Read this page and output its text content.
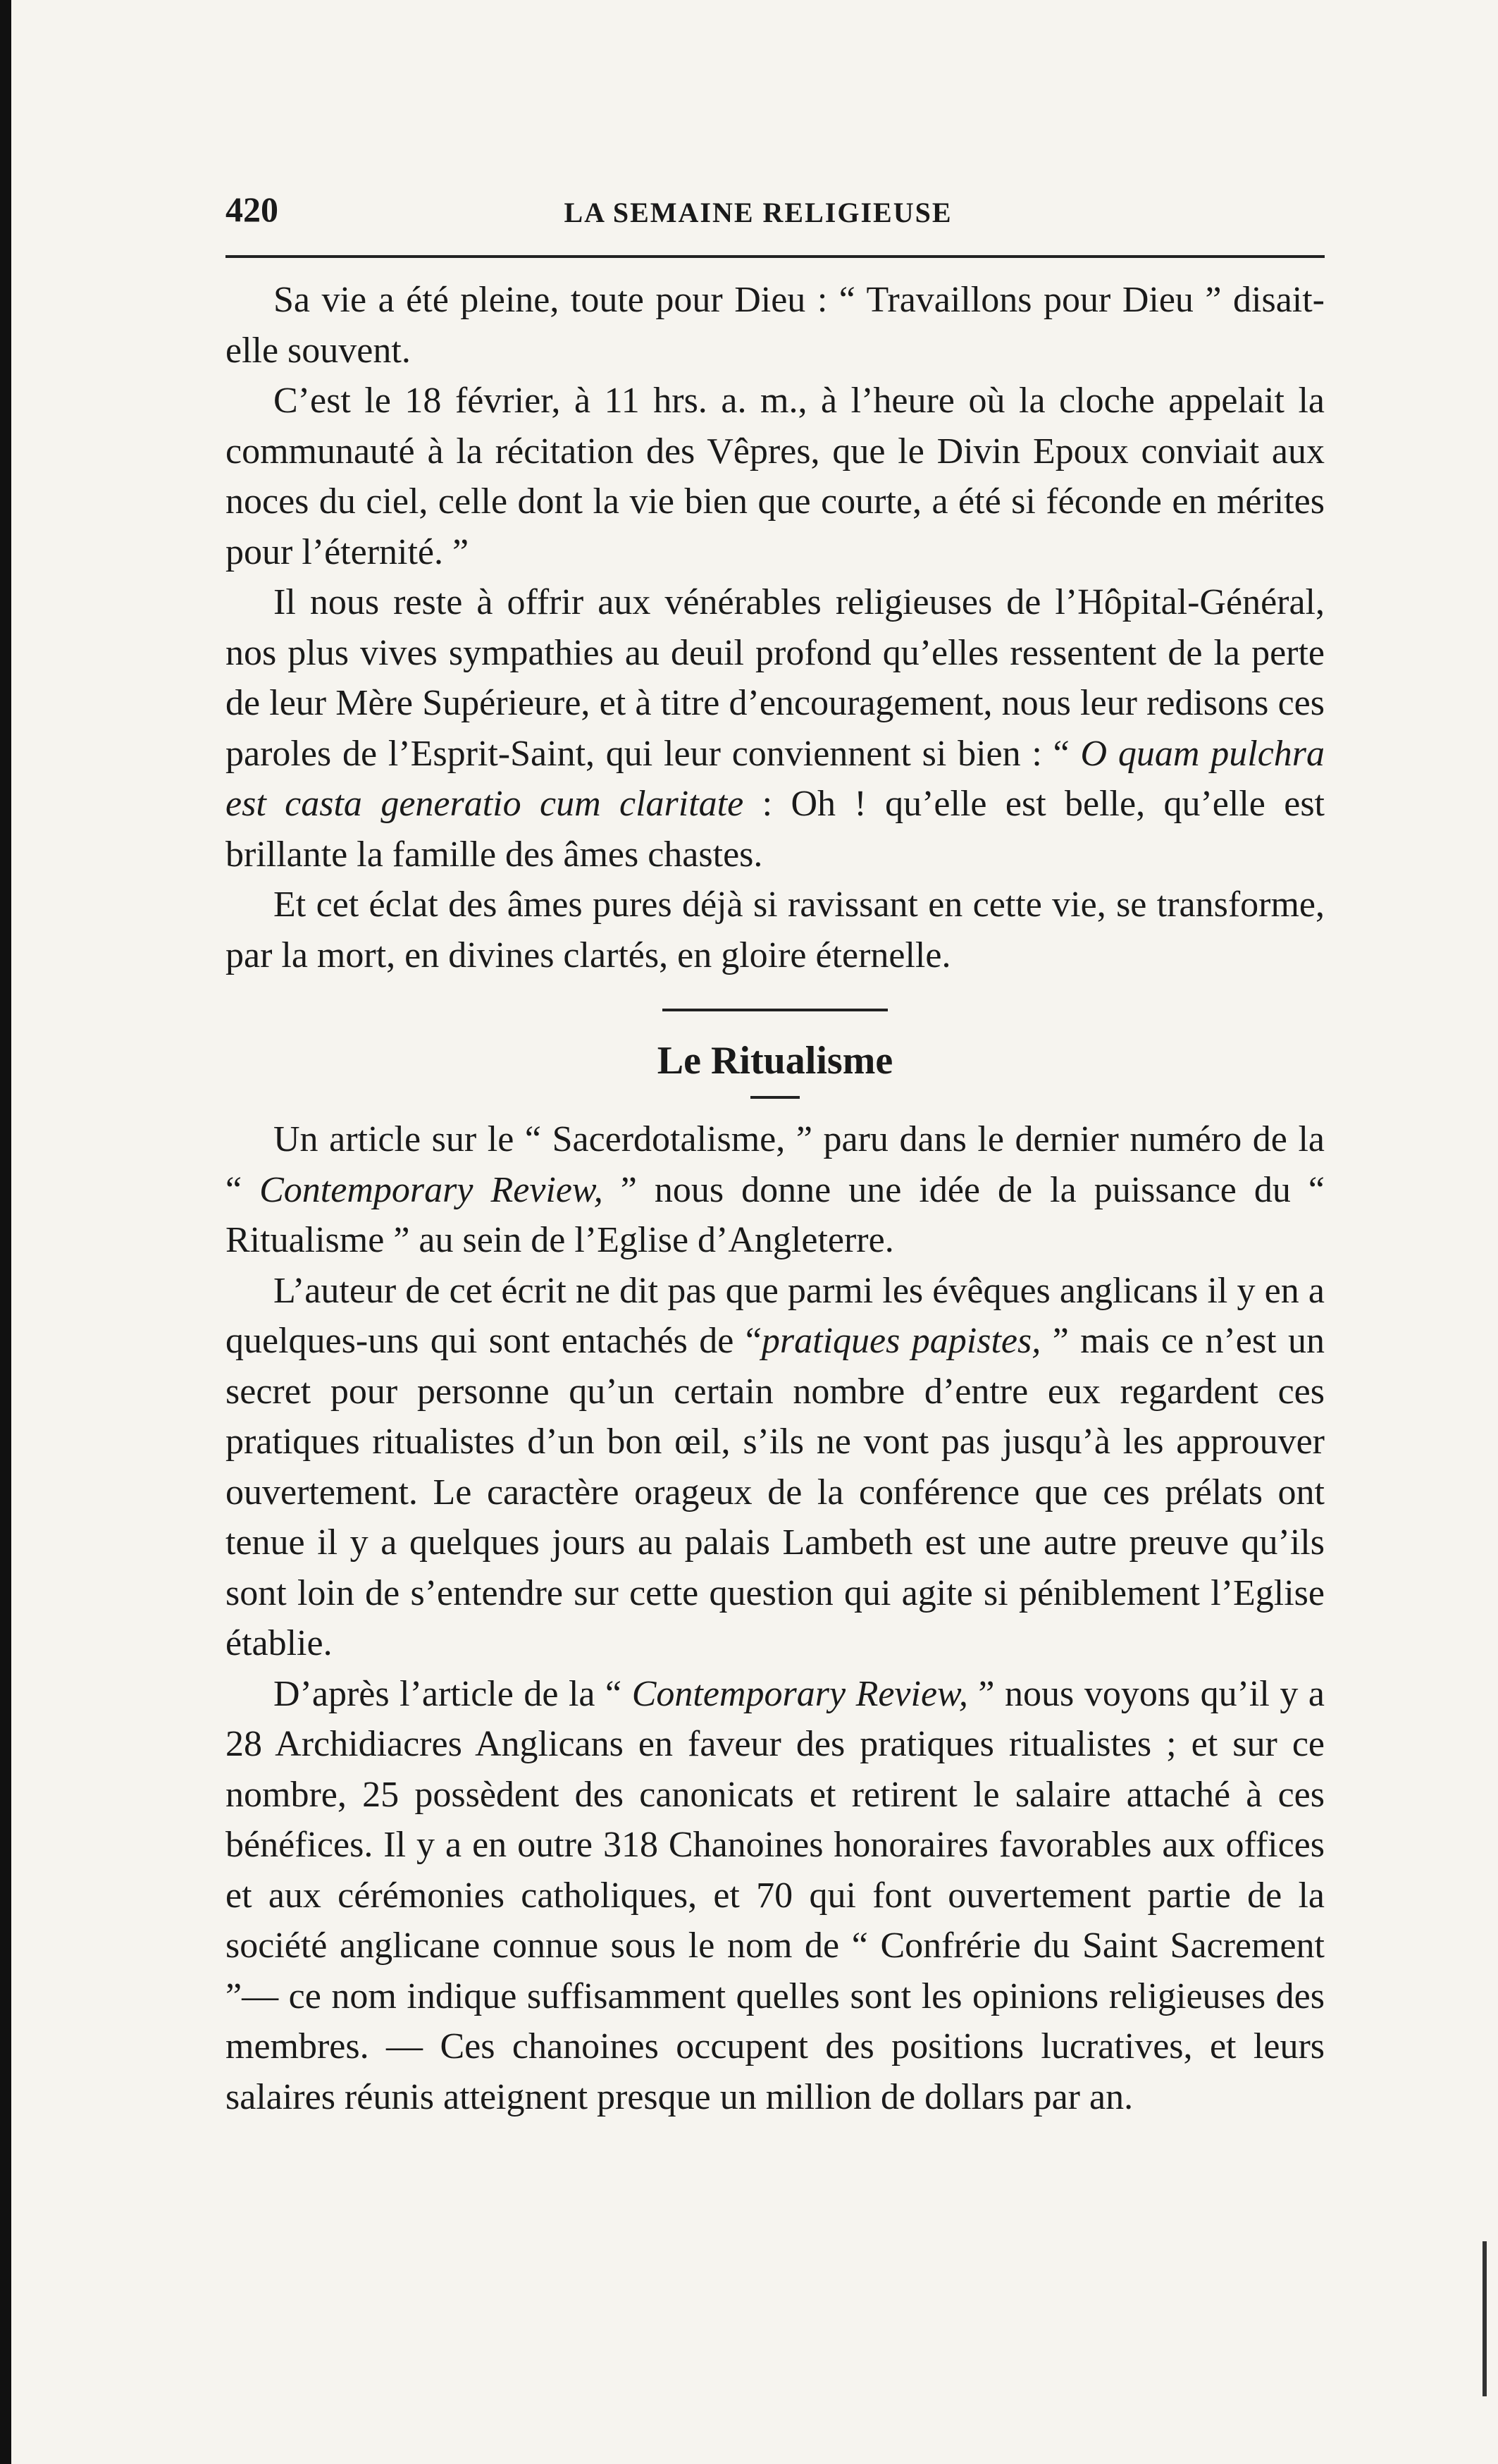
420	LA SEMAINE RELIGIEUSE

Sa vie a été pleine, toute pour Dieu : “ Travaillons pour Dieu ” disait-elle souvent.

C’est le 18 février, à 11 hrs. a. m., à l’heure où la cloche appelait la communauté à la récitation des Vêpres, que le Divin Epoux conviait aux noces du ciel, celle dont la vie bien que courte, a été si féconde en mérites pour l’éternité. ”

Il nous reste à offrir aux vénérables religieuses de l’Hôpital-Général, nos plus vives sympathies au deuil profond qu’elles ressentent de la perte de leur Mère Supérieure, et à titre d’encouragement, nous leur redisons ces paroles de l’Esprit-Saint, qui leur conviennent si bien : “ O quam pulchra est casta generatio cum claritate : Oh ! qu’elle est belle, qu’elle est brillante la famille des âmes chastes.

Et cet éclat des âmes pures déjà si ravissant en cette vie, se transforme, par la mort, en divines clartés, en gloire éternelle.

Le Ritualisme

Un article sur le “ Sacerdotalisme, ” paru dans le dernier numéro de la “ Contemporary Review, ” nous donne une idée de la puissance du “ Ritualisme ” au sein de l’Eglise d’Angleterre.

L’auteur de cet écrit ne dit pas que parmi les évêques anglicans il y en a quelques-uns qui sont entachés de “pratiques papistes, ” mais ce n’est un secret pour personne qu’un certain nombre d’entre eux regardent ces pratiques ritualistes d’un bon œil, s’ils ne vont pas jusqu’à les approuver ouvertement. Le caractère orageux de la conférence que ces prélats ont tenue il y a quelques jours au palais Lambeth est une autre preuve qu’ils sont loin de s’entendre sur cette question qui agite si péniblement l’Eglise établie.

D’après l’article de la “ Contemporary Review, ” nous voyons qu’il y a 28 Archidiacres Anglicans en faveur des pratiques ritualistes ; et sur ce nombre, 25 possèdent des canonicats et retirent le salaire attaché à ces bénéfices. Il y a en outre 318 Chanoines honoraires favorables aux offices et aux cérémonies catholiques, et 70 qui font ouvertement partie de la société anglicane connue sous le nom de “ Confrérie du Saint Sacrement ”— ce nom indique suffisamment quelles sont les opinions religieuses des membres. — Ces chanoines occupent des positions lucratives, et leurs salaires réunis atteignent presque un million de dollars par an.
